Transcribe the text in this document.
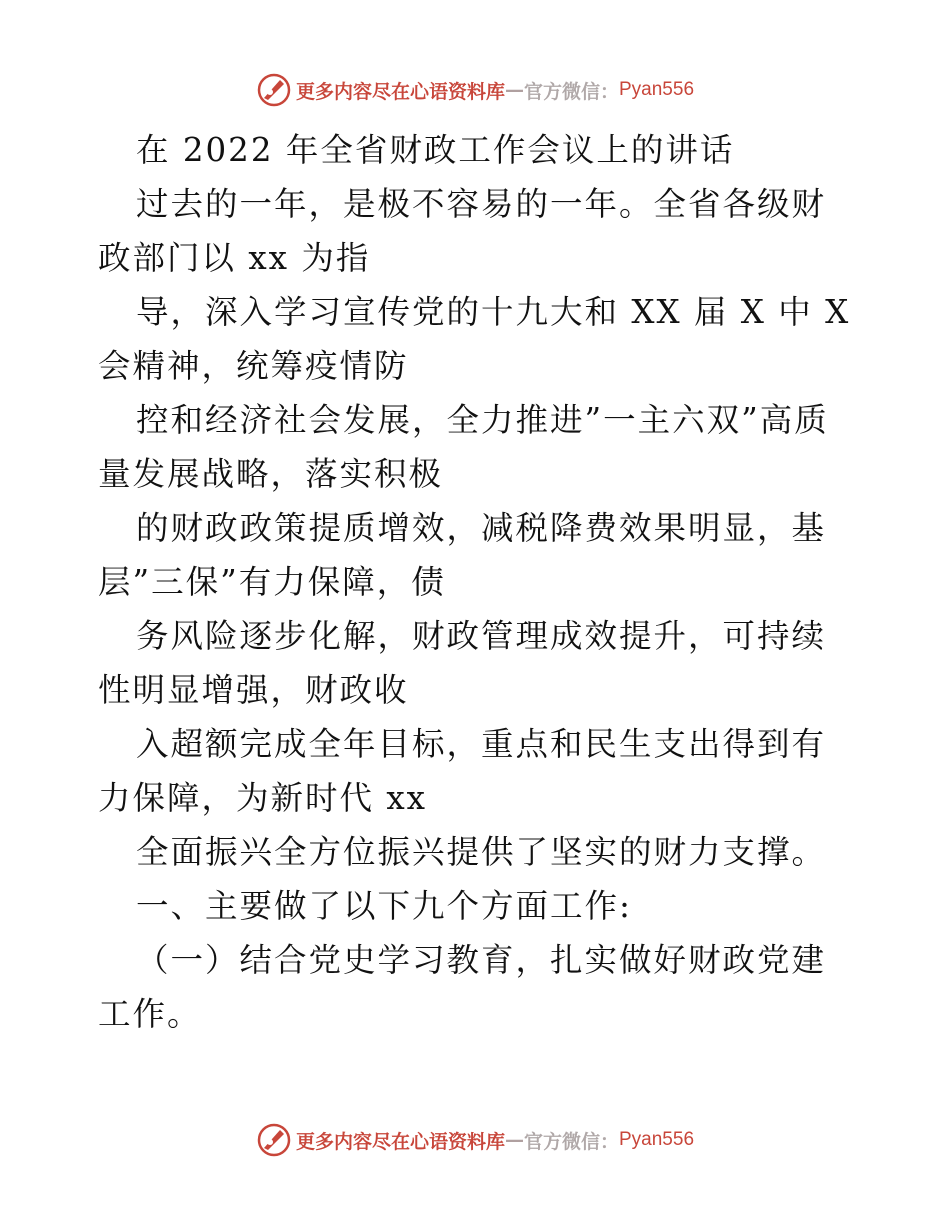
更多内容尽在心语资料库 — 官方微信： Pyan556

在 2022 年全省财政工作会议上的讲话

过去的一年，是极不容易的一年。全省各级财政部门以 xx 为指

导，深入学习宣传党的十九大和 XX 届 X 中 X 会精神，统筹疫情防

控和经济社会发展，全力推进”一主六双”高质量发展战略，落实积极

的财政政策提质增效，减税降费效果明显，基层”三保”有力保障，债

务风险逐步化解，财政管理成效提升，可持续性明显增强，财政收

入超额完成全年目标，重点和民生支出得到有力保障，为新时代 xx

全面振兴全方位振兴提供了坚实的财力支撑。

一、主要做了以下九个方面工作:

（一）结合党史学习教育，扎实做好财政党建工作。

更多内容尽在心语资料库 — 官方微信： Pyan556
